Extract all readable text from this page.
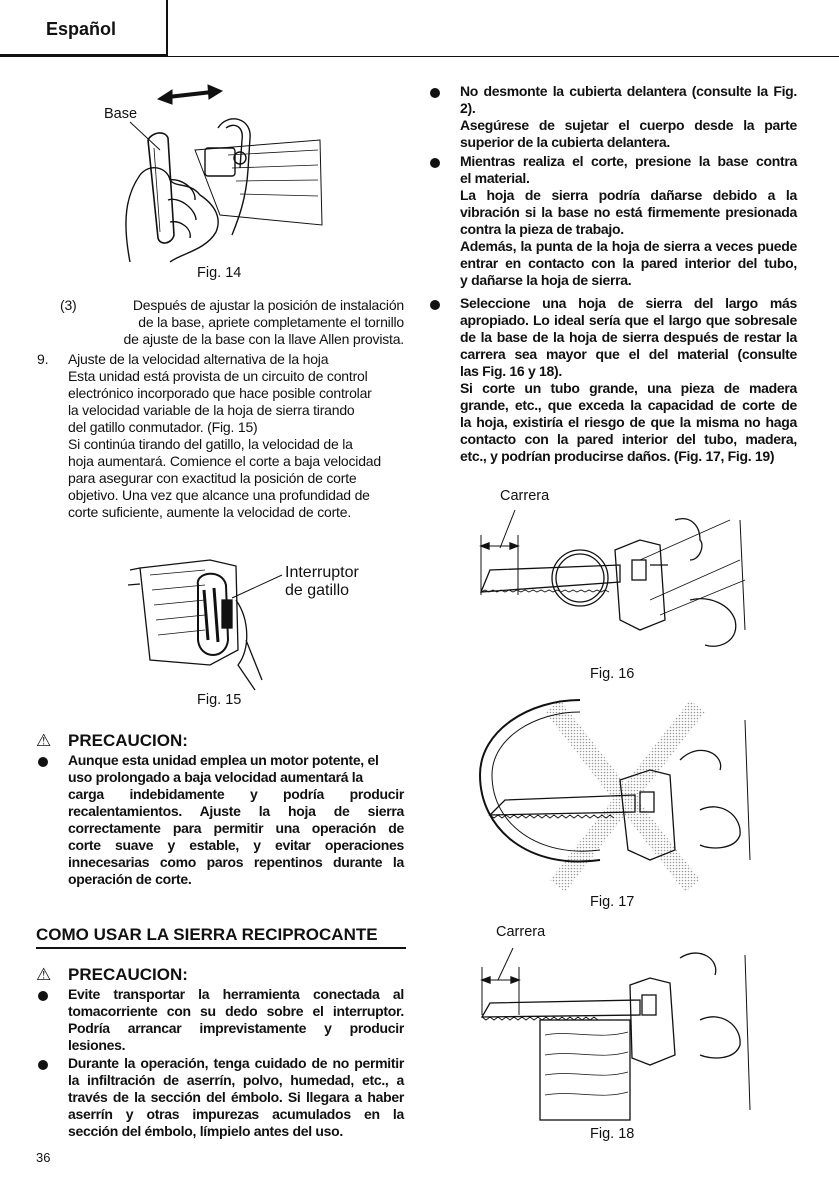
Español
Base
Fig. 14
(3)	Después de ajustar la posición de instalación
de la base, apriete completamente el tornillo
de ajuste de la base con la llave Allen provista.
9. Ajuste de la velocidad alternativa de la hoja
Esta unidad está provista de un circuito de control
electrónico incorporado que hace posible controlar
la velocidad variable de la hoja de sierra tirando
del gatillo conmutador. (Fig. 15)
Si continúa tirando del gatillo, la velocidad de la
hoja aumentará. Comience el corte a baja velocidad
para asegurar con exactitud la posición de corte
objetivo. Una vez que alcance una profundidad de
corte suficiente, aumente la velocidad de corte.
Interruptor
de gatillo
Fig. 15
⚠ PRECAUCION:
Aunque esta unidad emplea un motor potente, el
uso prolongado a baja velocidad aumentará la
carga indebidamente y podría producir
recalentamientos. Ajuste la hoja de sierra
correctamente para permitir una operación de
corte suave y estable, y evitar operaciones
innecesarias como paros repentinos durante la
operación de corte.
COMO USAR LA SIERRA RECIPROCANTE
⚠ PRECAUCION:
Evite transportar la herramienta conectada al
tomacorriente con su dedo sobre el interruptor.
Podría arrancar imprevistamente y producir
lesiones.
Durante la operación, tenga cuidado de no permitir
la infiltración de aserrín, polvo, humedad, etc., a
través de la sección del émbolo. Si llegara a haber
aserrín y otras impurezas acumulados en la
sección del émbolo, límpielo antes del uso.
36
No desmonte la cubierta delantera (consulte la Fig.
2).
Asegúrese de sujetar el cuerpo desde la parte
superior de la cubierta delantera.
Mientras realiza el corte, presione la base contra
el material.
La hoja de sierra podría dañarse debido a la
vibración si la base no está firmemente presionada
contra la pieza de trabajo.
Además, la punta de la hoja de sierra a veces puede
entrar en contacto con la pared interior del tubo,
y dañarse la hoja de sierra.
Seleccione una hoja de sierra del largo más
apropiado. Lo ideal sería que el largo que sobresale
de la base de la hoja de sierra después de restar la
carrera sea mayor que el del material (consulte
las Fig. 16 y 18).
Si corte un tubo grande, una pieza de madera
grande, etc., que exceda la capacidad de corte de
la hoja, existiría el riesgo de que la misma no haga
contacto con la pared interior del tubo, madera,
etc., y podrían producirse daños. (Fig. 17, Fig. 19)
Carrera
Fig. 16
Fig. 17
Carrera
Fig. 18
